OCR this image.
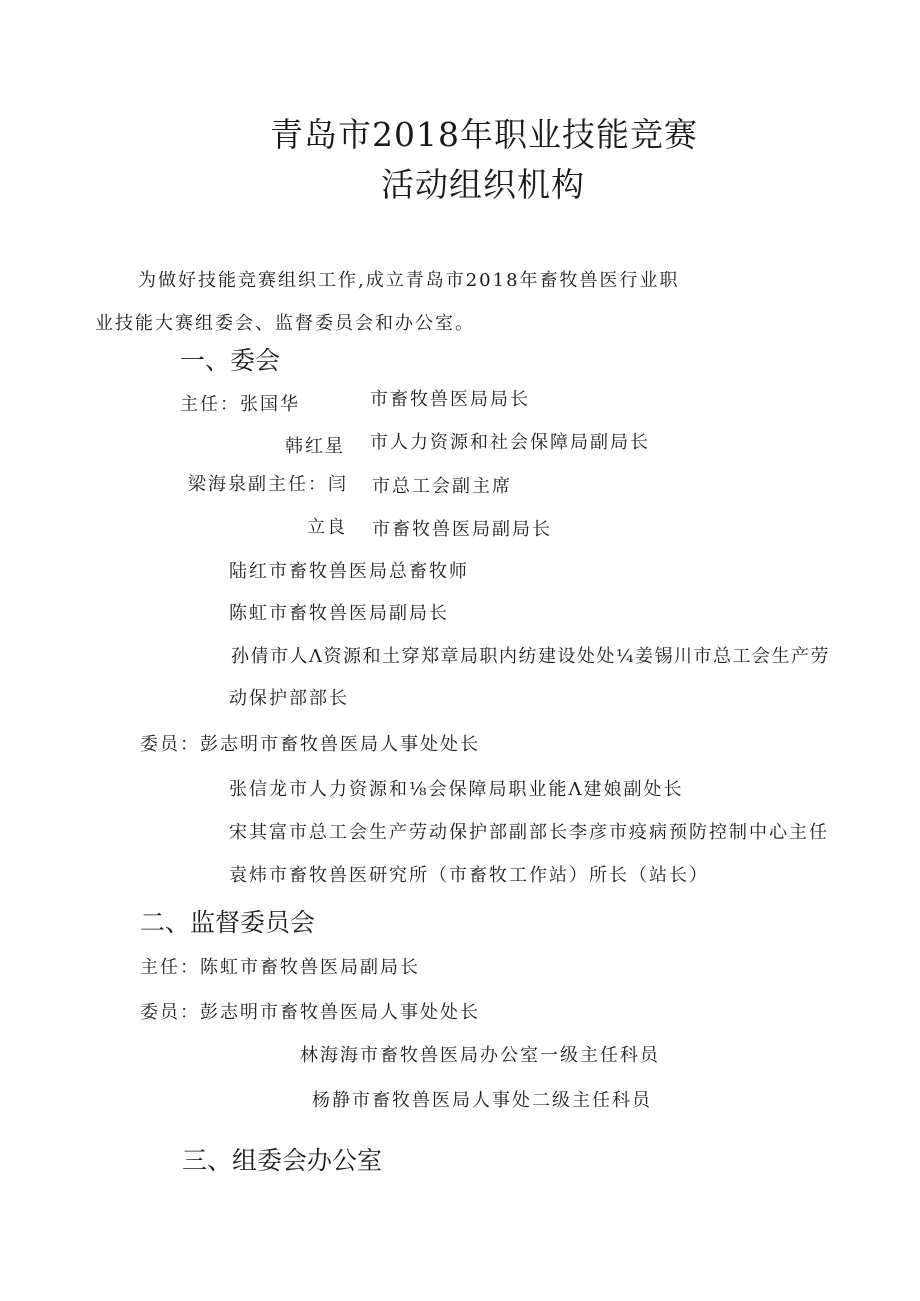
青岛市2018年职业技能竞赛
活动组织机构
为做好技能竞赛组织工作,成立青岛市2018年畜牧兽医行业职
业技能大赛组委会、监督委员会和办公室。
一、委会
主任：张国华	市畜牧兽医局局长
韩红星 市人力资源和社会保障局副局长
梁海泉副主任：闫 市总工会副主席
立良 市畜牧兽医局副局长
陆红市畜牧兽医局总畜牧师
陈虹市畜牧兽医局副局长
孙倩市人Λ资源和土穿郑章局职内纺建设处处¼姜锡川市总工会生产劳
动保护部部长
委员：彭志明市畜牧兽医局人事处处长
张信龙市人力资源和⅛会保障局职业能Λ建娘副处长
宋其富市总工会生产劳动保护部副部长李彦市疫病预防控制中心主任
袁炜市畜牧兽医研究所（市畜牧工作站）所长（站长）
二、监督委员会
主任：陈虹市畜牧兽医局副局长
委员：彭志明市畜牧兽医局人事处处长
林海海市畜牧兽医局办公室一级主任科员
杨静市畜牧兽医局人事处二级主任科员
三、组委会办公室
